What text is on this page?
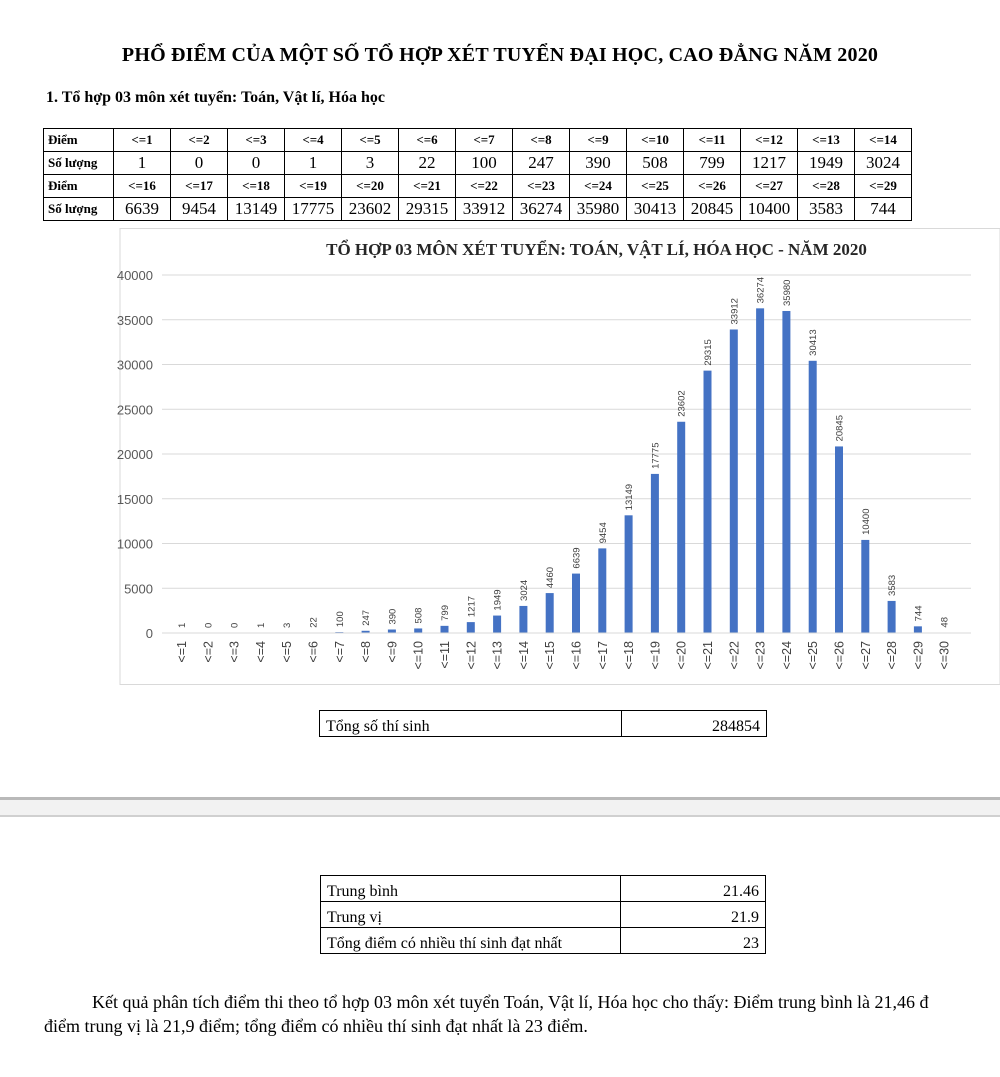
PHỔ ĐIỂM CỦA MỘT SỐ TỔ HỢP XÉT TUYỂN ĐẠI HỌC, CAO ĐẲNG NĂM 2020
1. Tổ hợp 03 môn xét tuyển: Toán, Vật lí, Hóa học
Điểm	<=1	<=2	<=3	<=4	<=5	<=6	<=7	<=8	<=9	<=10	<=11	<=12	<=13	<=14
Số lượng	1	0	0	1	3	22	100	247	390	508	799	1217	1949	3024
Điểm	<=16	<=17	<=18	<=19	<=20	<=21	<=22	<=23	<=24	<=25	<=26	<=27	<=28	<=29
Số lượng	6639	9454	13149	17775	23602	29315	33912	36274	35980	30413	20845	10400	3583	744
TỔ HỢP 03 MÔN XÉT TUYỂN: TOÁN, VẬT LÍ, HÓA HỌC - NĂM 2020
0
5000
10000
15000
20000
25000
30000
35000
40000
1
<=1
0
<=2
0
<=3
1
<=4
3
<=5
22
<=6
100
<=7
247
<=8
390
<=9
508
<=10
799
<=11
1217
<=12
1949
<=13
3024
<=14
4460
<=15
6639
<=16
9454
<=17
13149
<=18
17775
<=19
23602
<=20
29315
<=21
33912
<=22
36274
<=23
35980
<=24
30413
<=25
20845
<=26
10400
<=27
3583
<=28
744
<=29
48
<=30
Tổng số thí sinh	284854
Trung bình	21.46
Trung vị	21.9
Tổng điểm có nhiều thí sinh đạt nhất	23
Kết quả phân tích điểm thi theo tổ hợp 03 môn xét tuyển Toán, Vật lí, Hóa học cho thấy: Điểm trung bình là 21,46 đ
điểm trung vị là 21,9 điểm; tổng điểm có nhiều thí sinh đạt nhất là 23 điểm.
